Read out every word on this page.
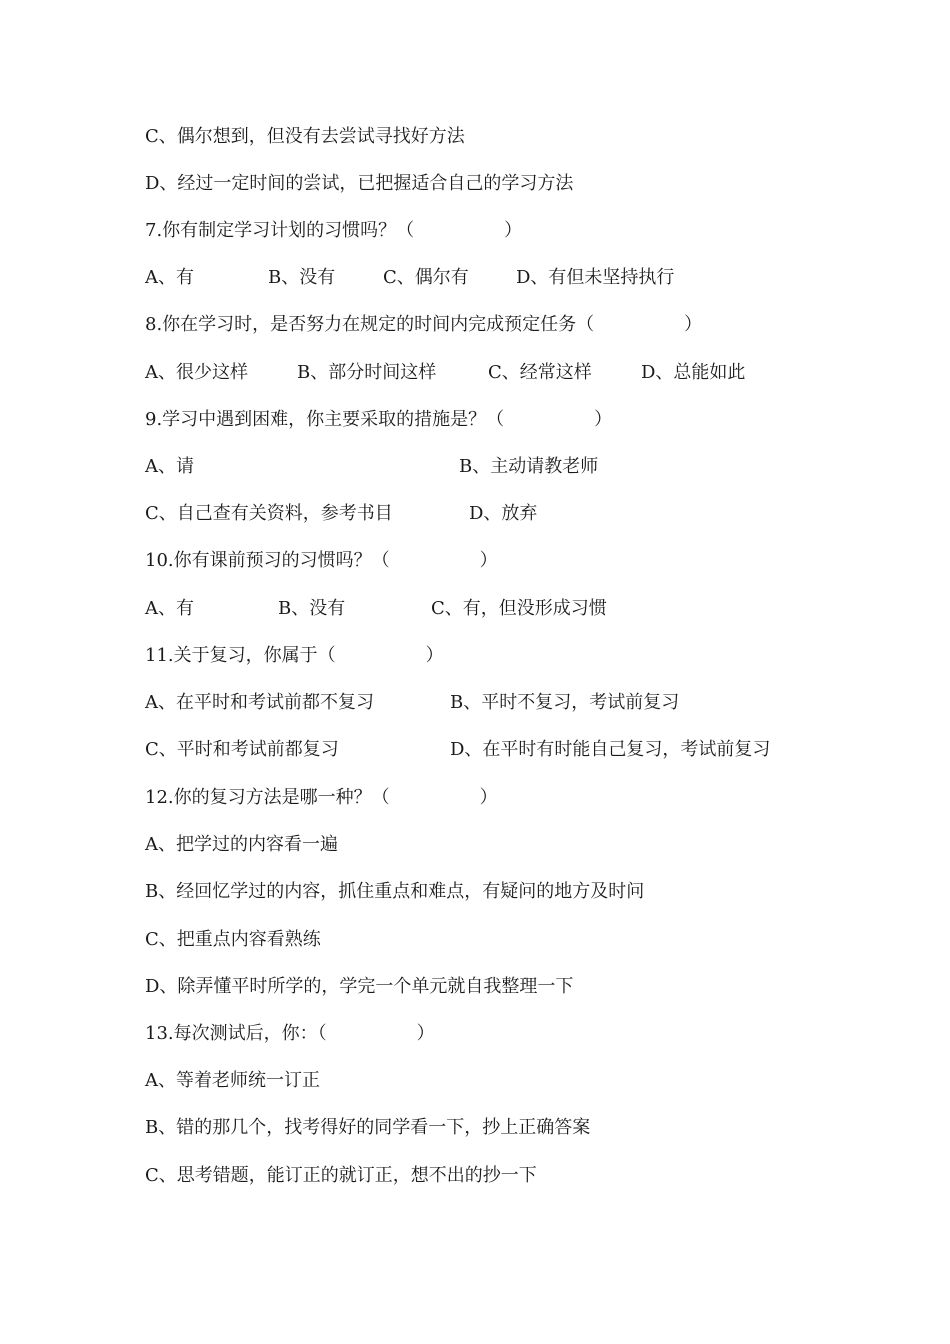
C、偶尔想到，但没有去尝试寻找好方法
D、经过一定时间的尝试，已把握适合自己的学习方法
7.你有制定学习计划的习惯吗？（　　　　　）
A、有	B、没有	C、偶尔有	D、有但未坚持执行
8.你在学习时，是否努力在规定的时间内完成预定任务（　　　　　）
A、很少这样	B、部分时间这样	C、经常这样	D、总能如此
9.学习中遇到困难，你主要采取的措施是？（　　　　　）
A、请	B、主动请教老师
C、自己查有关资料，参考书目	D、放弃
10.你有课前预习的习惯吗？（　　　　　）
A、有	B、没有	C、有，但没形成习惯
11.关于复习，你属于（　　　　　）
A、在平时和考试前都不复习	B、平时不复习，考试前复习
C、平时和考试前都复习	D、在平时有时能自己复习，考试前复习
12.你的复习方法是哪一种？（　　　　　）
A、把学过的内容看一遍
B、经回忆学过的内容，抓住重点和难点，有疑问的地方及时问
C、把重点内容看熟练
D、除弄懂平时所学的，学完一个单元就自我整理一下
13.每次测试后，你：（　　　　　）
A、等着老师统一订正
B、错的那几个，找考得好的同学看一下，抄上正确答案
C、思考错题，能订正的就订正，想不出的抄一下
